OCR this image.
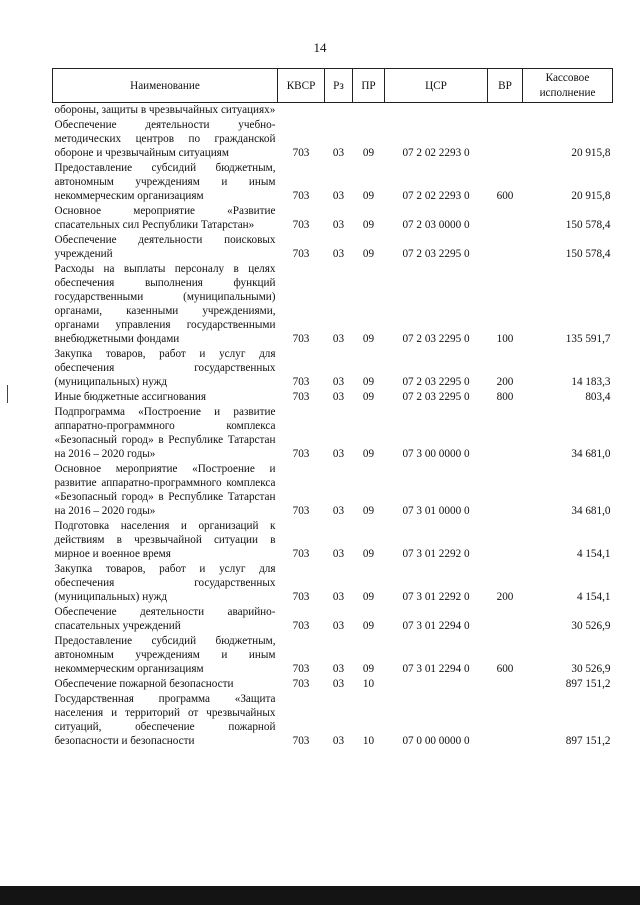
14
Наименование	КВСР	Рз	ПР	ЦСР	ВР	Кассовое исполнение

обороны, защиты в чрезвычайных ситуациях»						

Обеспечение деятельности учебно-методических центров по гражданской обороне и чрезвычайным ситуациям	703	03	09	07 2 02 2293 0		20 915,8

Предоставление субсидий бюджетным, автономным учреждениям и иным некоммерческим организациям	703	03	09	07 2 02 2293 0	600	20 915,8

Основное мероприятие «Развитие спасательных сил Республики Татарстан»	703	03	09	07 2 03 0000 0		150 578,4

Обеспечение деятельности поисковых учреждений	703	03	09	07 2 03 2295 0		150 578,4

Расходы на выплаты персоналу в целях обеспечения выполнения функций государственными (муниципальными) органами, казенными учреждениями, органами управления государственными внебюджетными фондами	703	03	09	07 2 03 2295 0	100	135 591,7

Закупка товаров, работ и услуг для обеспечения государственных (муниципальных) нужд	703	03	09	07 2 03 2295 0	200	14 183,3

Иные бюджетные ассигнования	703	03	09	07 2 03 2295 0	800	803,4

Подпрограмма «Построение и развитие аппаратно-программного комплекса «Безопасный город» в Республике Татарстан на 2016 – 2020 годы»	703	03	09	07 3 00 0000 0		34 681,0

Основное мероприятие «Построение и развитие аппаратно-программного комплекса «Безопасный город» в Республике Татарстан на 2016 – 2020 годы»	703	03	09	07 3 01 0000 0		34 681,0

Подготовка населения и организаций к действиям в чрезвычайной ситуации в мирное и военное время	703	03	09	07 3 01 2292 0		4 154,1

Закупка товаров, работ и услуг для обеспечения государственных (муниципальных) нужд	703	03	09	07 3 01 2292 0	200	4 154,1

Обеспечение деятельности аварийно-спасательных учреждений	703	03	09	07 3 01 2294 0		30 526,9

Предоставление субсидий бюджетным, автономным учреждениям и иным некоммерческим организациям	703	03	09	07 3 01 2294 0	600	30 526,9

Обеспечение пожарной безопасности	703	03	10			897 151,2

Государственная программа «Защита населения и территорий от чрезвычайных ситуаций, обеспечение пожарной безопасности и безопасности	703	03	10	07 0 00 0000 0		897 151,2
